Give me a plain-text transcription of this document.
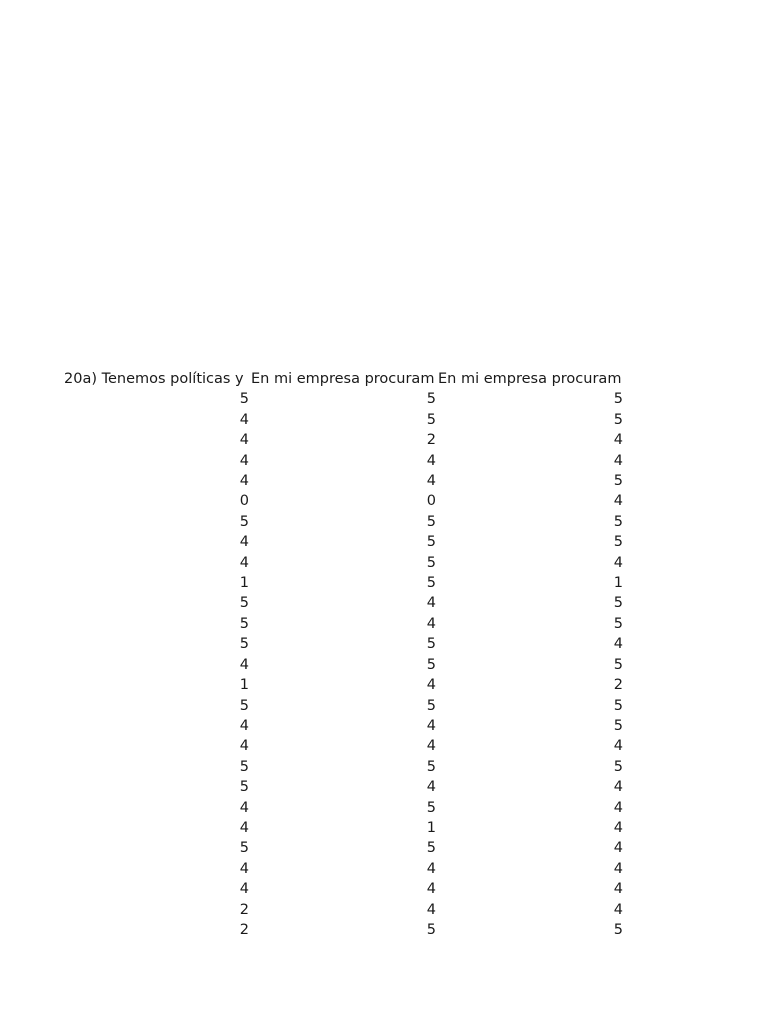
20a) Tenemos políticas y	En mi empresa procuram	En mi empresa procuram
5	5	5
4	5	5
4	2	4
4	4	4
4	4	5
0	0	4
5	5	5
4	5	5
4	5	4
1	5	1
5	4	5
5	4	5
5	5	4
4	5	5
1	4	2
5	5	5
4	4	5
4	4	4
5	5	5
5	4	4
4	5	4
4	1	4
5	5	4
4	4	4
4	4	4
2	4	4
2	5	5
